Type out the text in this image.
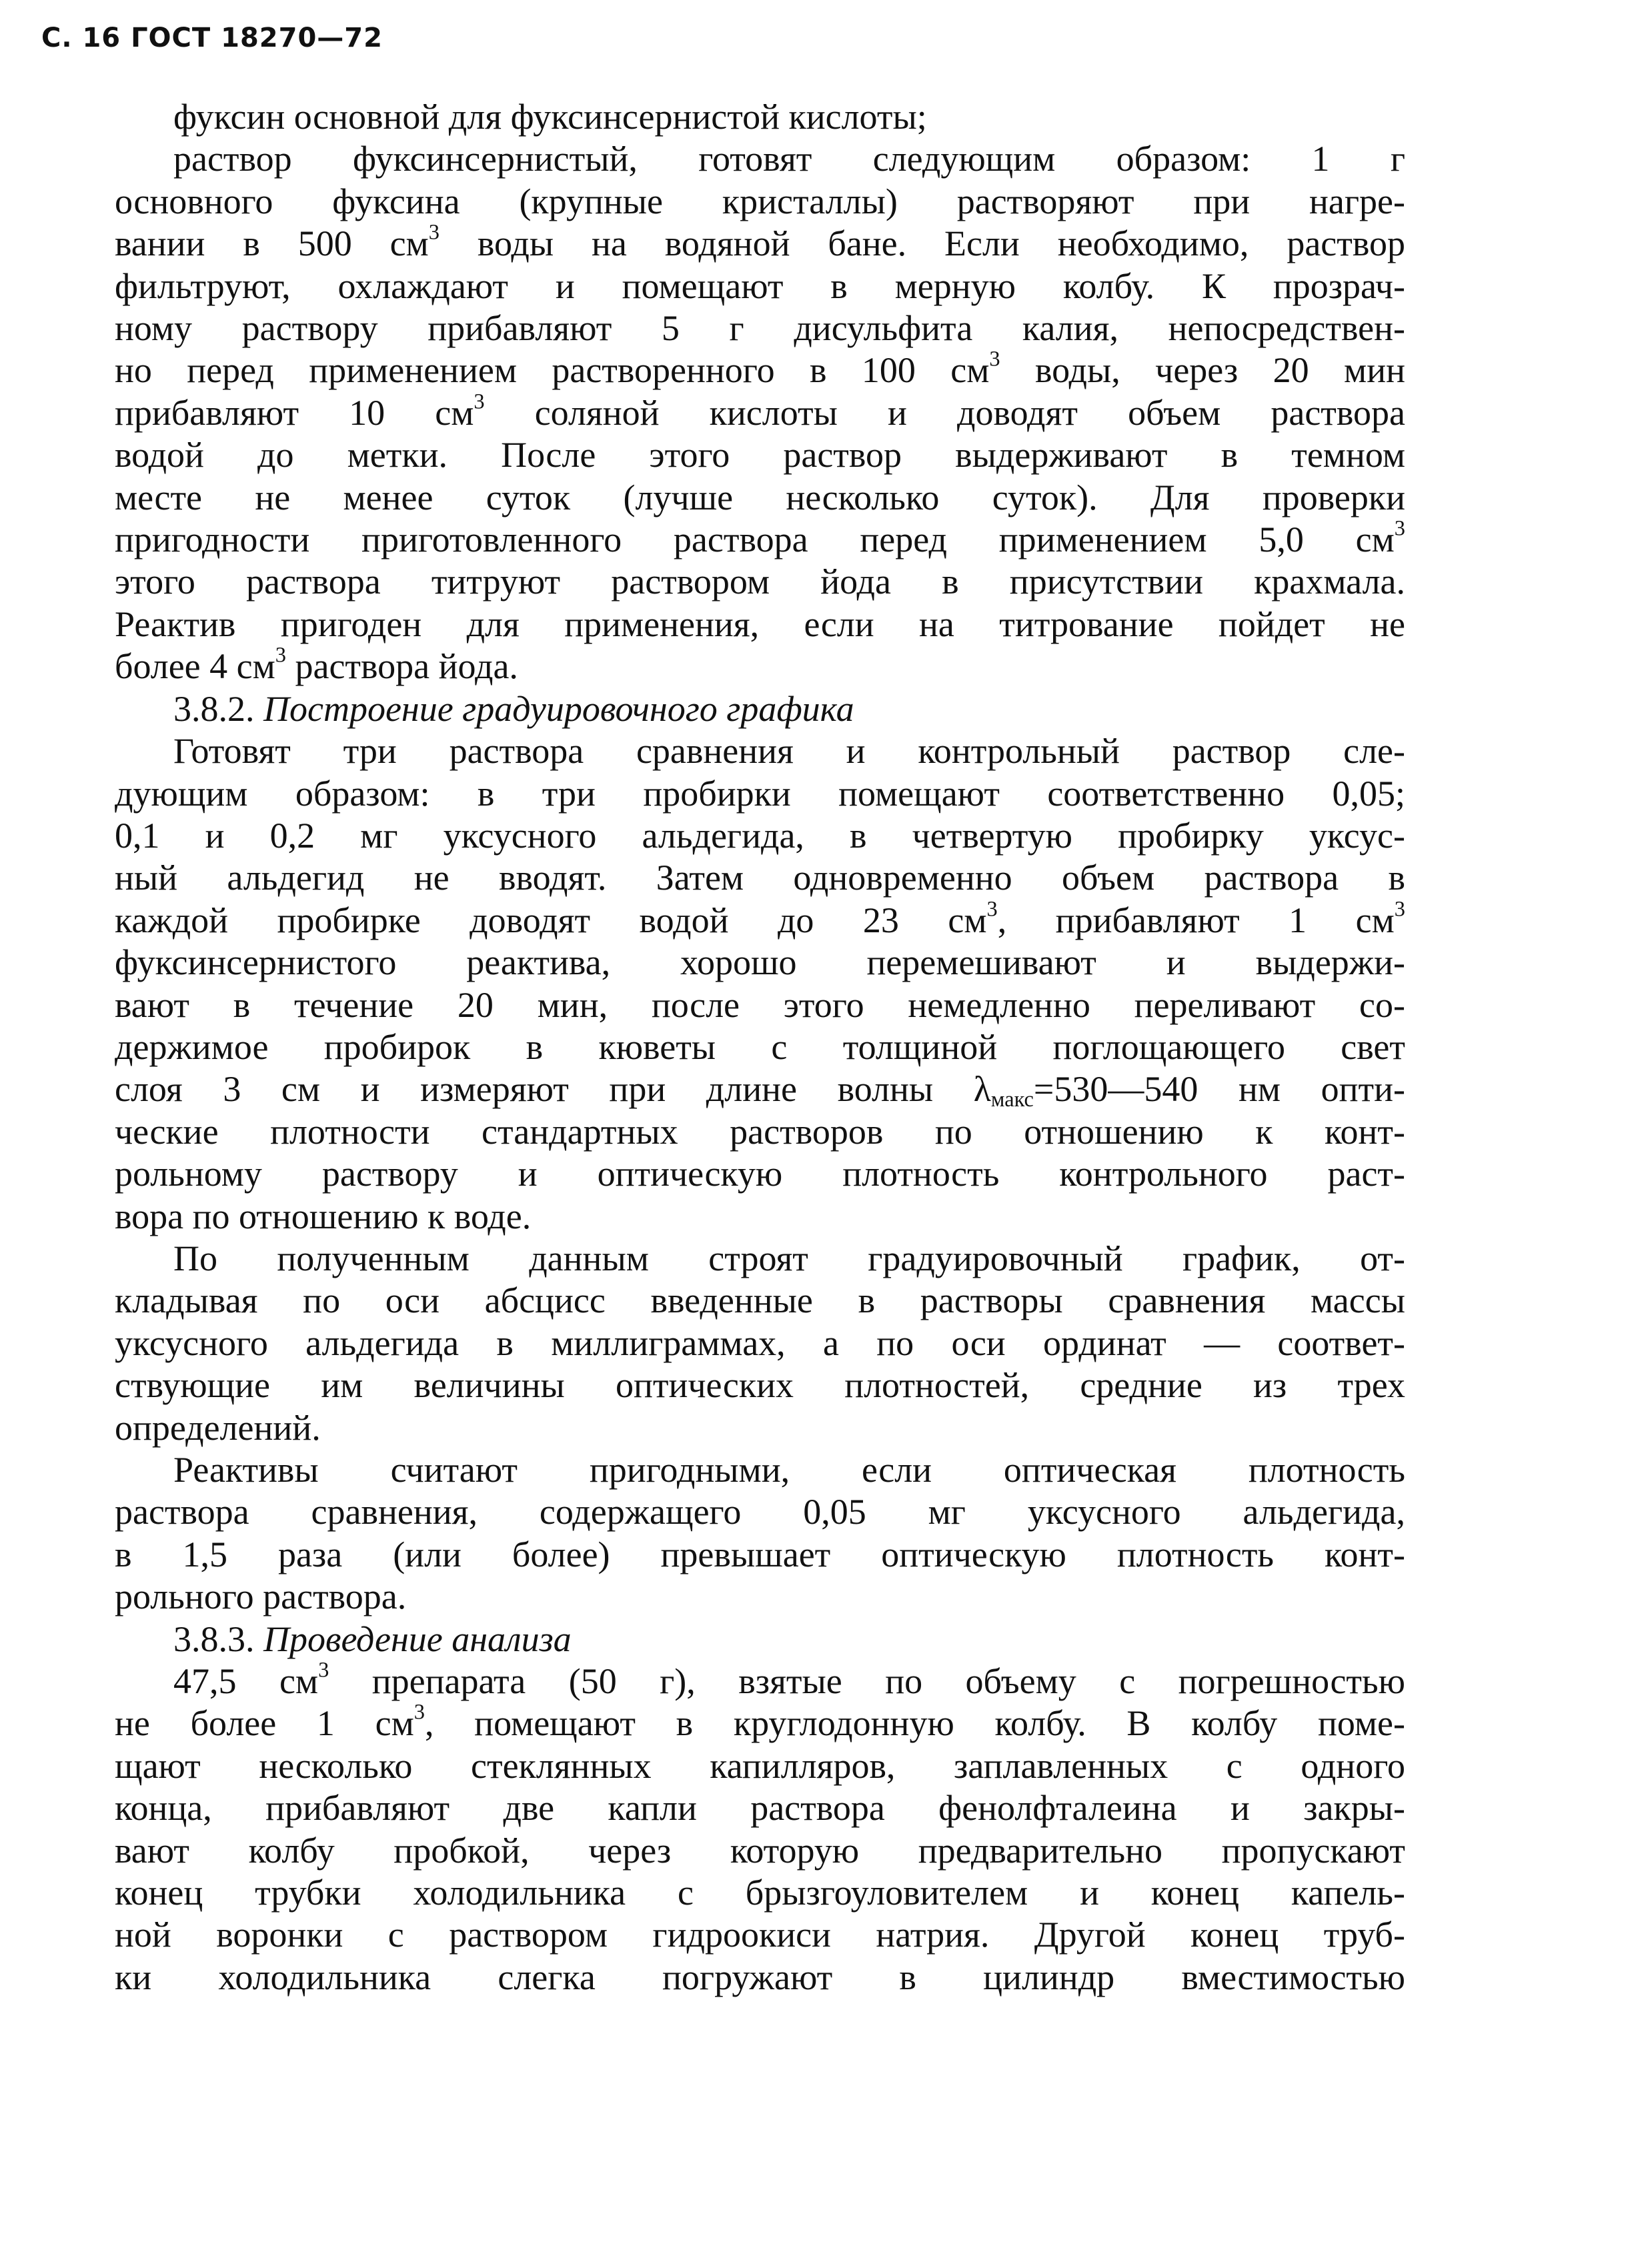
С. 16 ГОСТ 18270—72
фуксин основной для фуксинсернистой кислоты;
раствор фуксинсернистый, готовят следующим образом: 1 г
основного фуксина (крупные кристаллы) растворяют при нагре-
вании в 500 $см^3$ воды на водяной бане. Если необходимо, раствор
фильтруют, охлаждают и помещают в мерную колбу. К прозрач-
ному раствору прибавляют 5 г дисульфита калия, непосредствен-
но перед применением растворенного в 100 $см^3$ воды, через 20 мин
прибавляют 10 $см^3$ соляной кислоты и доводят объем раствора
водой до метки. После этого раствор выдерживают в темном
месте не менее суток (лучше несколько суток). Для проверки
пригодности приготовленного раствора перед применением 5,0 $см^3$
этого раствора титруют раствором йода в присутствии крахмала.
Реактив пригоден для применения, если на титрование пойдет не
более 4 $см^3$ раствора йода.
3.8.2. Построение градуировочного графика
Готовят три раствора сравнения и контрольный раствор сле-
дующим образом: в три пробирки помещают соответственно 0,05;
0,1 и 0,2 мг уксусного альдегида, в четвертую пробирку уксус-
ный альдегид не вводят. Затем одновременно объем раствора в
каждой пробирке доводят водой до 23 $см^3$, прибавляют 1 $см^3$
фуксинсернистого реактива, хорошо перемешивают и выдержи-
вают в течение 20 мин, после этого немедленно переливают со-
держимое пробирок в кюветы с толщиной поглощающего свет
слоя 3 см и измеряют при длине волны $\lambda_{макс}=530—540$ нм опти-
ческие плотности стандартных растворов по отношению к конт-
рольному раствору и оптическую плотность контрольного раст-
вора по отношению к воде.
По полученным данным строят градуировочный график, от-
кладывая по оси абсцисс введенные в растворы сравнения массы
уксусного альдегида в миллиграммах, а по оси ординат — соответ-
ствующие им величины оптических плотностей, средние из трех
определений.
Реактивы считают пригодными, если оптическая плотность
раствора сравнения, содержащего 0,05 мг уксусного альдегида,
в 1,5 раза (или более) превышает оптическую плотность конт-
рольного раствора.
3.8.3. Проведение анализа
47,5 $см^3$ препарата (50 г), взятые по объему с погрешностью
не более 1 $см^3$, помещают в круглодонную колбу. В колбу поме-
щают несколько стеклянных капилляров, заплавленных с одного
конца, прибавляют две капли раствора фенолфталеина и закры-
вают колбу пробкой, через которую предварительно пропускают
конец трубки холодильника с брызгоуловителем и конец капель-
ной воронки с раствором гидроокиси натрия. Другой конец труб-
ки холодильника слегка погружают в цилиндр вместимостью
